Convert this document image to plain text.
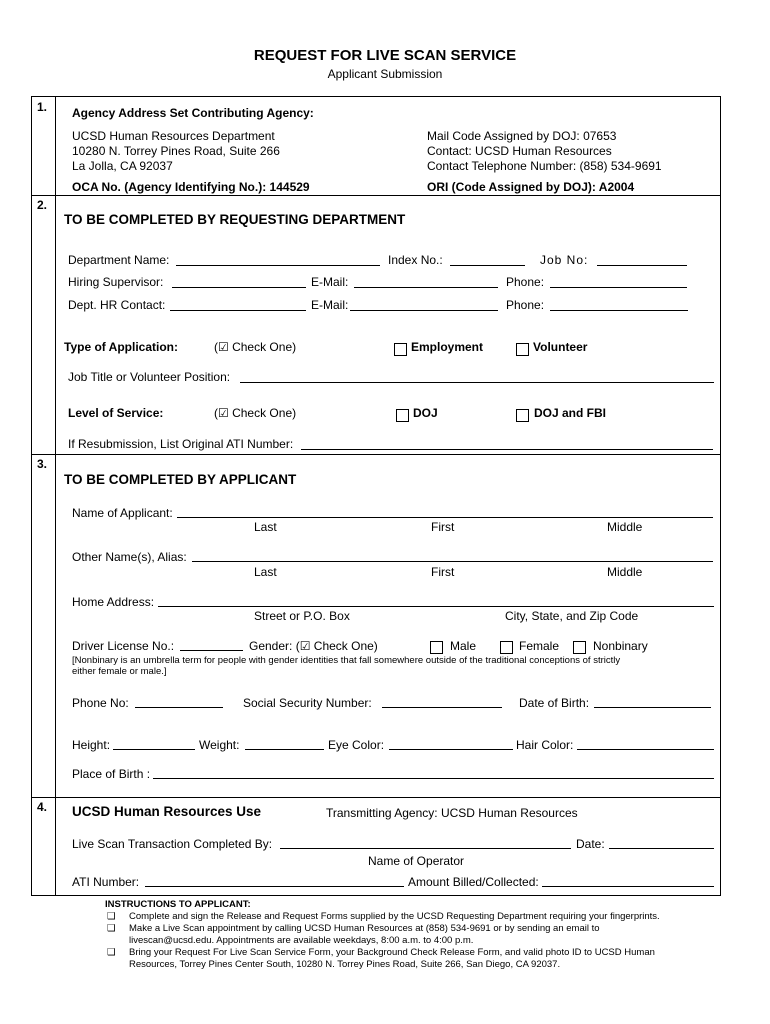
REQUEST FOR LIVE SCAN SERVICE
Applicant Submission
1. Agency Address Set Contributing Agency:
UCSD Human Resources Department
10280 N. Torrey Pines Road, Suite 266
La Jolla, CA 92037
Mail Code Assigned by DOJ: 07653
Contact: UCSD Human Resources
Contact Telephone Number: (858) 534-9691
OCA No. (Agency Identifying No.): 144529	ORI (Code Assigned by DOJ): A2004
2.
TO BE COMPLETED BY REQUESTING DEPARTMENT
Department Name:	Index No.:	Job No:
Hiring Supervisor:	E-Mail:	Phone:
Dept. HR Contact:	E-Mail:	Phone:
Type of Application:	(☑ Check One)	Employment	Volunteer
Job Title or Volunteer Position:
Level of Service:	(☑ Check One)	DOJ	DOJ and FBI
If Resubmission, List Original ATI Number:
3.
TO BE COMPLETED BY APPLICANT
Name of Applicant:
Last	First	Middle
Other Name(s), Alias:
Last	First	Middle
Home Address:
Street or P.O. Box	City, State, and Zip Code
Driver License No.:	Gender: (☑ Check One)	Male	Female	Nonbinary
[Nonbinary is an umbrella term for people with gender identities that fall somewhere outside of the traditional conceptions of strictly
either female or male.]
Phone No:	Social Security Number:	Date of Birth:
Height:	Weight:	Eye Color:	Hair Color:
Place of Birth :
4. UCSD Human Resources Use	Transmitting Agency: UCSD Human Resources
Live Scan Transaction Completed By:	Date:
Name of Operator
ATI Number:	Amount Billed/Collected:
INSTRUCTIONS TO APPLICANT:
❑ Complete and sign the Release and Request Forms supplied by the UCSD Requesting Department requiring your fingerprints.
❑ Make a Live Scan appointment by calling UCSD Human Resources at (858) 534-9691 or by sending an email to
livescan@ucsd.edu. Appointments are available weekdays, 8:00 a.m. to 4:00 p.m.
❑ Bring your Request For Live Scan Service Form, your Background Check Release Form, and valid photo ID to UCSD Human
Resources, Torrey Pines Center South, 10280 N. Torrey Pines Road, Suite 266, San Diego, CA 92037.
